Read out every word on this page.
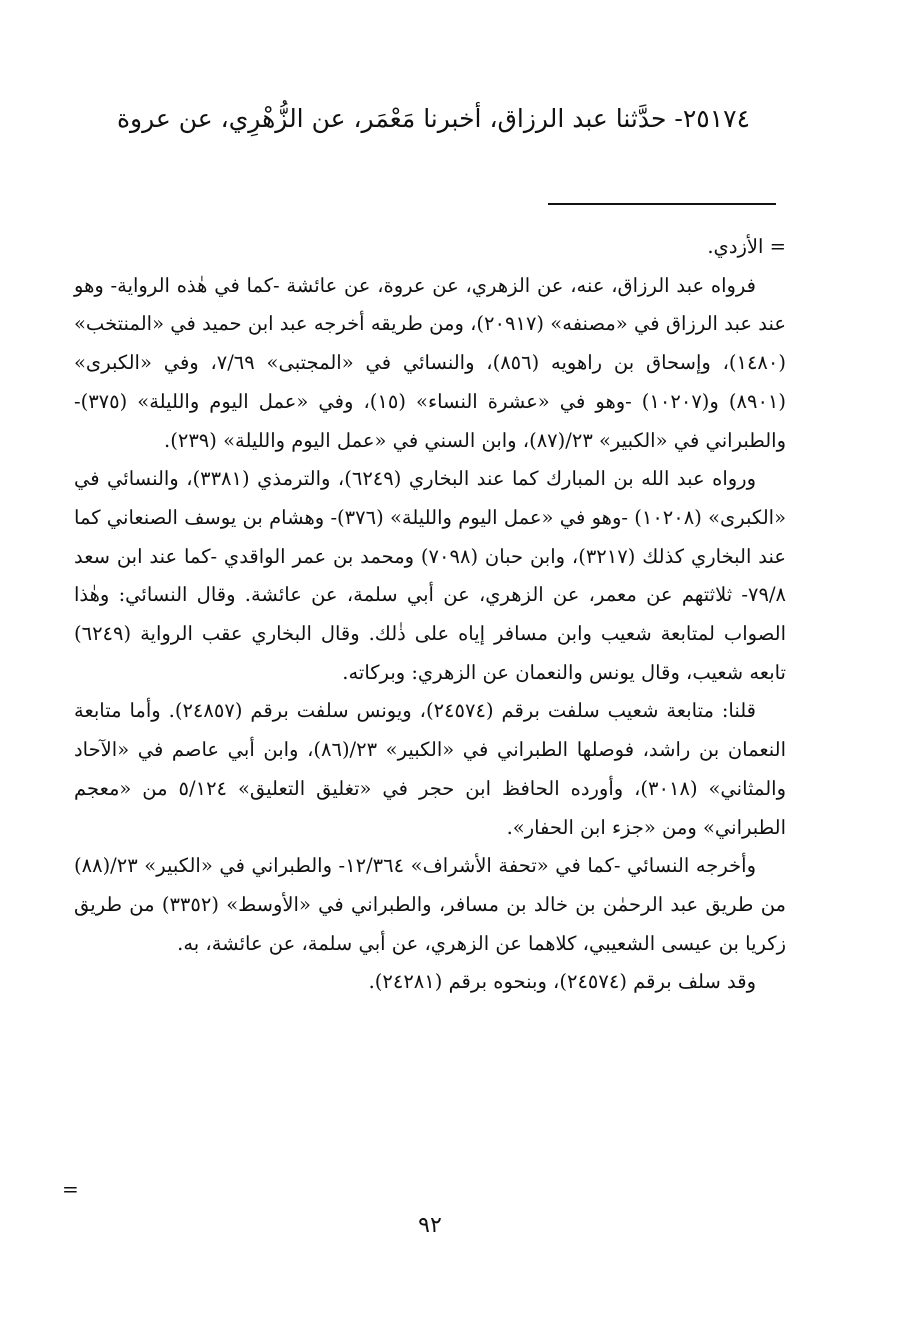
٢٥١٧٤- حدَّثنا عبد الرزاق، أخبرنا مَعْمَر، عن الزُّهْرِي، عن عروة

= الأزدي.

فرواه عبد الرزاق، عنه، عن الزهري، عن عروة، عن عائشة -كما في هٰذه الرواية- وهو عند عبد الرزاق في «مصنفه» (٢٠٩١٧)، ومن طريقه أخرجه عبد ابن حميد في «المنتخب» (١٤٨٠)، وإسحاق بن راهويه (٨٥٦)، والنسائي في «المجتبى» ٧/٦٩، وفي «الكبرى» (٨٩٠١) و(١٠٢٠٧) -وهو في «عشرة النساء» (١٥)، وفي «عمل اليوم والليلة» (٣٧٥)- والطبراني في «الكبير» ٢٣/(٨٧)، وابن السني في «عمل اليوم والليلة» (٢٣٩).

ورواه عبد الله بن المبارك كما عند البخاري (٦٢٤٩)، والترمذي (٣٣٨١)، والنسائي في «الكبرى» (١٠٢٠٨) -وهو في «عمل اليوم والليلة» (٣٧٦)- وهشام بن يوسف الصنعاني كما عند البخاري كذلك (٣٢١٧)، وابن حبان (٧٠٩٨) ومحمد بن عمر الواقدي -كما عند ابن سعد ٧٩/٨- ثلاثتهم عن معمر، عن الزهري، عن أبي سلمة، عن عائشة. وقال النسائي: وهٰذا الصواب لمتابعة شعيب وابن مسافر إياه على ذٰلك. وقال البخاري عقب الرواية (٦٢٤٩) تابعه شعيب، وقال يونس والنعمان عن الزهري: وبركاته.

قلنا: متابعة شعيب سلفت برقم (٢٤٥٧٤)، ويونس سلفت برقم (٢٤٨٥٧). وأما متابعة النعمان بن راشد، فوصلها الطبراني في «الكبير» ٢٣/(٨٦)، وابن أبي عاصم في «الآحاد والمثاني» (٣٠١٨)، وأورده الحافظ ابن حجر في «تغليق التعليق» ٥/١٢٤ من «معجم الطبراني» ومن «جزء ابن الحفار».

وأخرجه النسائي -كما في «تحفة الأشراف» ١٢/٣٦٤- والطبراني في «الكبير» ٢٣/(٨٨) من طريق عبد الرحمٰن بن خالد بن مسافر، والطبراني في «الأوسط» (٣٣٥٢) من طريق زكريا بن عيسى الشعيبي، كلاهما عن الزهري، عن أبي سلمة، عن عائشة، به.

وقد سلف برقم (٢٤٥٧٤)، وبنحوه برقم (٢٤٢٨١).

=
٩٢
